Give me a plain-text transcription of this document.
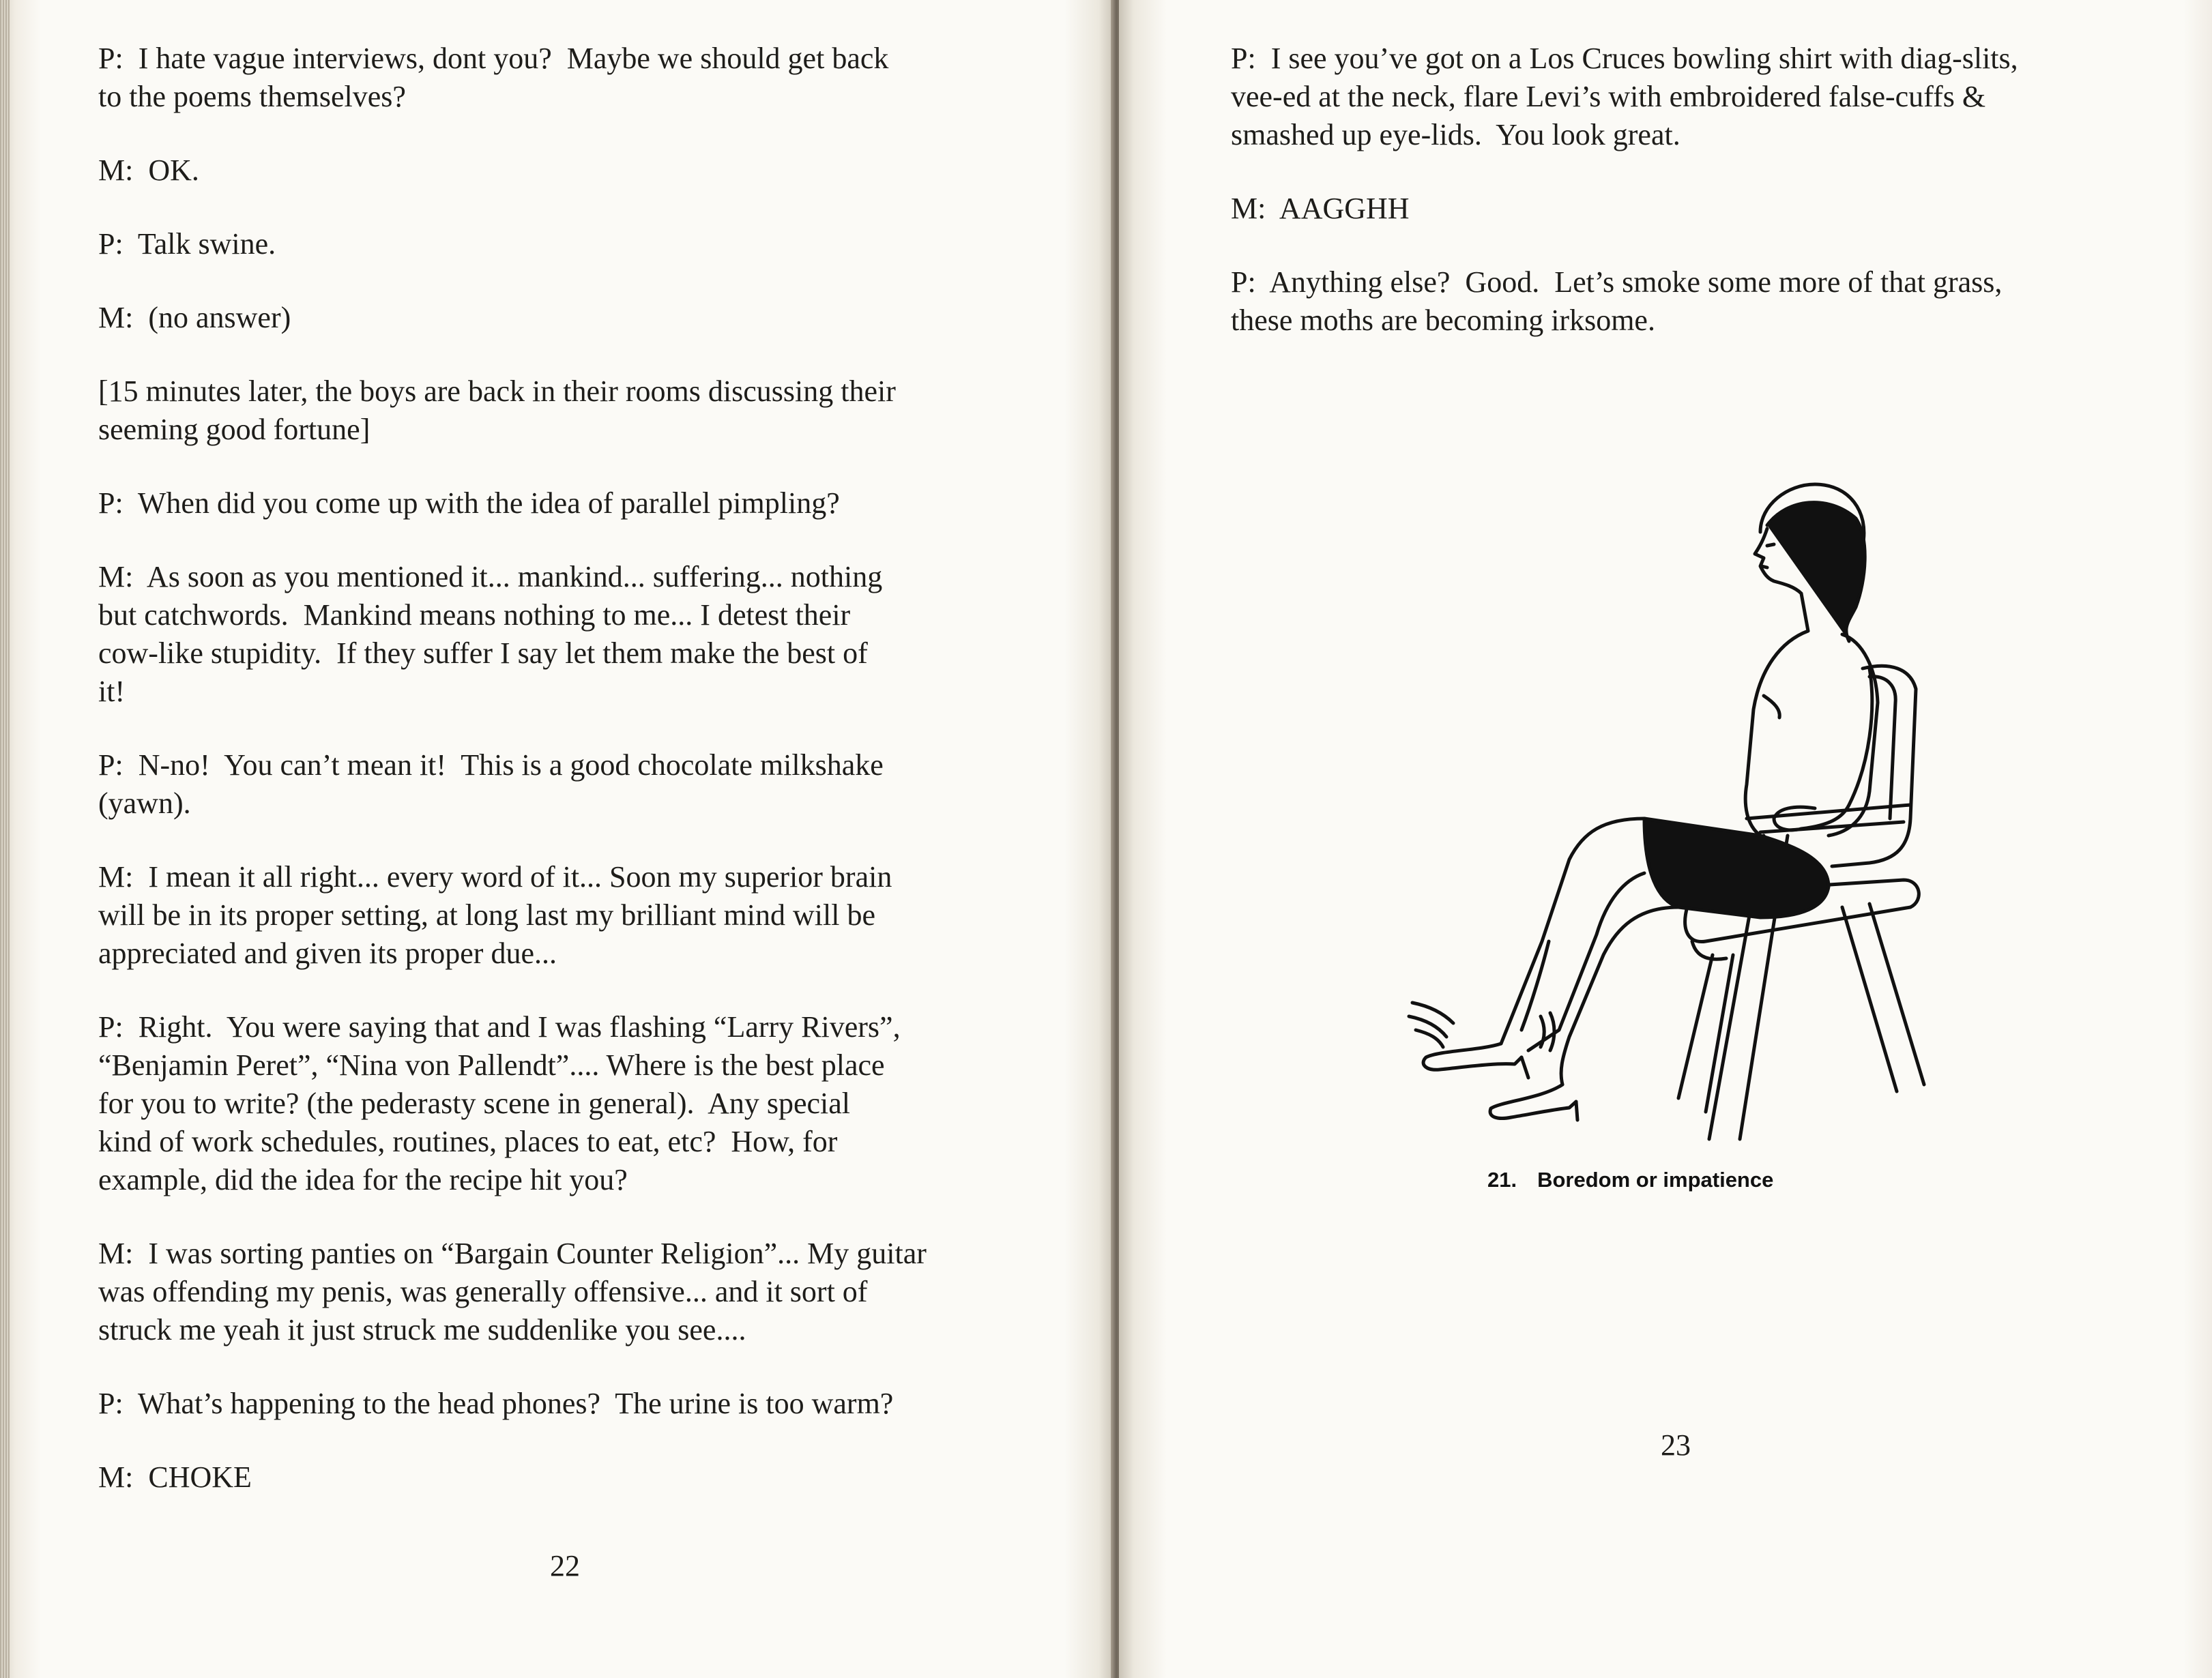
P:  I hate vague interviews, dont you?  Maybe we should get back
to the poems themselves?

M:  OK.

P:  Talk swine.

M:  (no answer)

[15 minutes later, the boys are back in their rooms discussing their
seeming good fortune]

P:  When did you come up with the idea of parallel pimpling?

M:  As soon as you mentioned it... mankind... suffering... nothing
but catchwords.  Mankind means nothing to me... I detest their
cow-like stupidity.  If they suffer I say let them make the best of
it!

P:  N-no!  You can’t mean it!  This is a good chocolate milkshake
(yawn).

M:  I mean it all right... every word of it... Soon my superior brain
will be in its proper setting, at long last my brilliant mind will be
appreciated and given its proper due...

P:  Right.  You were saying that and I was flashing “Larry Rivers”,
“Benjamin Peret”, “Nina von Pallendt”.... Where is the best place
for you to write? (the pederasty scene in general).  Any special
kind of work schedules, routines, places to eat, etc?  How, for
example, did the idea for the recipe hit you?

M:  I was sorting panties on “Bargain Counter Religion”... My guitar
was offending my penis, was generally offensive... and it sort of
struck me yeah it just struck me suddenlike you see....

P:  What’s happening to the head phones?  The urine is too warm?

M:  CHOKE

22

P:  I see you’ve got on a Los Cruces bowling shirt with diag-slits,
vee-ed at the neck, flare Levi’s with embroidered false-cuffs &
smashed up eye-lids.  You look great.

M:  AAGGHH

P:  Anything else?  Good.  Let’s smoke some more of that grass,
these moths are becoming irksome.

21. Boredom or impatience
23
